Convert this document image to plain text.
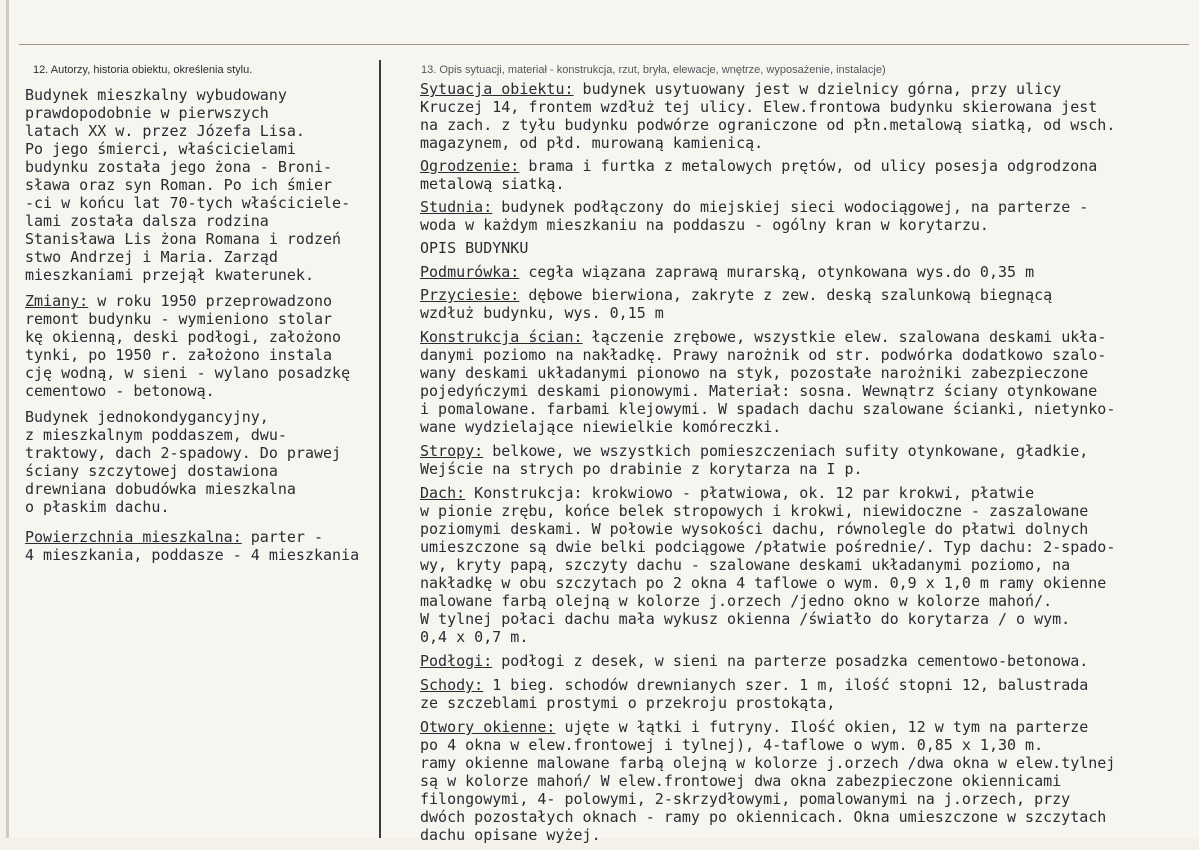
12. Autorzy, historia obiektu, określenia stylu.	13. Opis sytuacji, materiał - konstrukcja, rzut, bryła, elewacje, wnętrze, wyposażenie, instalacje)
Budynek mieszkalny wybudowany
prawdopodobnie w pierwszych
latach XX w. przez Józefa Lisa.
Po jego śmierci, właścicielami
budynku została jego żona - Broni-
sława oraz syn Roman. Po ich śmier
-ci w końcu lat 70-tych właściciele-
lami została dalsza rodzina
Stanisława Lis żona Romana i rodzeń
stwo Andrzej i Maria. Zarząd
mieszkaniami przejął kwaterunek.
Zmiany: w roku 1950 przeprowadzono
remont budynku - wymieniono stolar
kę okienną, deski podłogi, założono
tynki, po 1950 r. założono instala
cję wodną, w sieni - wylano posadzkę
cementowo - betonową.
Budynek jednokondygancyjny,
z mieszkalnym poddaszem, dwu-
traktowy, dach 2-spadowy. Do prawej
ściany szczytowej dostawiona
drewniana dobudówka mieszkalna
o płaskim dachu.
Powierzchnia mieszkalna: parter -
4 mieszkania, poddasze - 4 mieszkania
Sytuacja obiektu: budynek usytuowany jest w dzielnicy górna, przy ulicy
Kruczej 14, frontem wzdłuż tej ulicy. Elew.frontowa budynku skierowana jest
na zach. z tyłu budynku podwórze ograniczone od płn.metalową siatką, od wsch.
magazynem, od płd. murowaną kamienicą.
Ogrodzenie: brama i furtka z metalowych prętów, od ulicy posesja odgrodzona
metalową siatką.
Studnia: budynek podłączony do miejskiej sieci wodociągowej, na parterze -
woda w każdym mieszkaniu na poddaszu - ogólny kran w korytarzu.
OPIS BUDYNKU
Podmurówka: cegła wiązana zaprawą murarską, otynkowana wys.do 0,35 m
Przyciesie: dębowe bierwiona, zakryte z zew. deską szalunkową biegnącą
wzdłuż budynku, wys. 0,15 m
Konstrukcja ścian: łączenie zrębowe, wszystkie elew. szalowana deskami ukła-
danymi poziomo na nakładkę. Prawy narożnik od str. podwórka dodatkowo szalo-
wany deskami układanymi pionowo na styk, pozostałe narożniki zabezpieczone
pojedyńczymi deskami pionowymi. Materiał: sosna. Wewnątrz ściany otynkowane
i pomalowane. farbami klejowymi. W spadach dachu szalowane ścianki, nietynko-
wane wydzielające niewielkie komóreczki.
Stropy: belkowe, we wszystkich pomieszczeniach sufity otynkowane, gładkie,
Wejście na strych po drabinie z korytarza na I p.
Dach: Konstrukcja: krokwiowo - płatwiowa, ok. 12 par krokwi, płatwie
w pionie zrębu, końce belek stropowych i krokwi, niewidoczne - zaszalowane
poziomymi deskami. W połowie wysokości dachu, równolegle do płatwi dolnych
umieszczone są dwie belki podciągowe /płatwie pośrednie/. Typ dachu: 2-spado-
wy, kryty papą, szczyty dachu - szalowane deskami układanymi poziomo, na
nakładkę w obu szczytach po 2 okna 4 taflowe o wym. 0,9 x 1,0 m ramy okienne
malowane farbą olejną w kolorze j.orzech /jedno okno w kolorze mahoń/.
W tylnej połaci dachu mała wykusz okienna /światło do korytarza / o wym.
0,4 x 0,7 m.
Podłogi: podłogi z desek, w sieni na parterze posadzka cementowo-betonowa.
Schody: 1 bieg. schodów drewnianych szer. 1 m, ilość stopni 12, balustrada
ze szczeblami prostymi o przekroju prostokąta,
Otwory okienne: ujęte w łątki i futryny. Ilość okien, 12 w tym na parterze
po 4 okna w elew.frontowej i tylnej), 4-taflowe o wym. 0,85 x 1,30 m.
ramy okienne malowane farbą olejną w kolorze j.orzech /dwa okna w elew.tylnej
są w kolorze mahoń/ W elew.frontowej dwa okna zabezpieczone okiennicami
filongowymi, 4- polowymi, 2-skrzydłowymi, pomalowanymi na j.orzech, przy
dwóch pozostałych oknach - ramy po okiennicach. Okna umieszczone w szczytach
dachu opisane wyżej.
